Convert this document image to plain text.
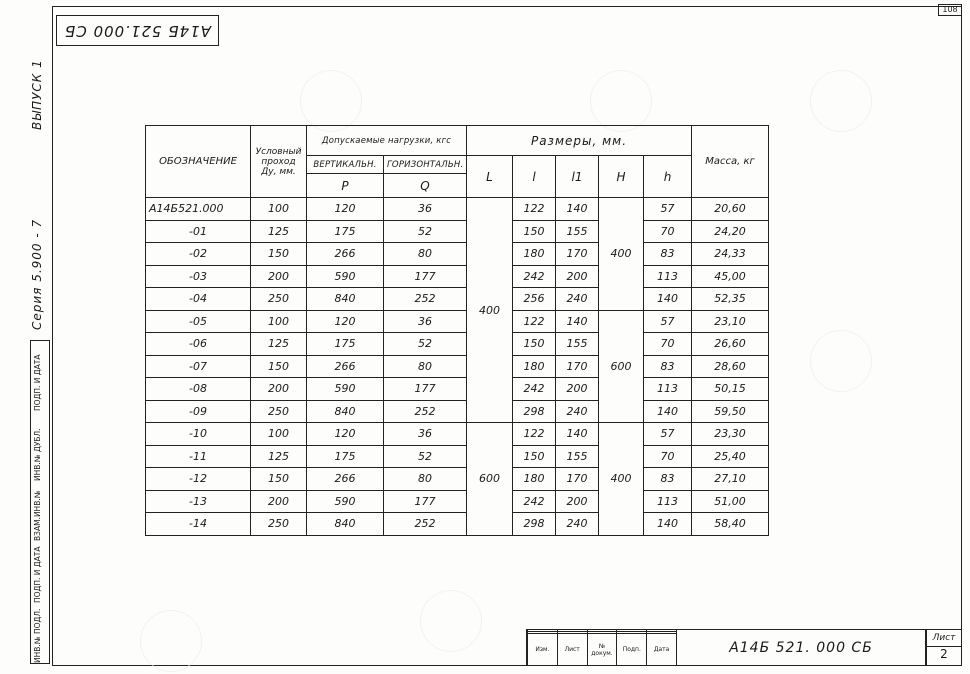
108
А14Б 521.000 СБ
ВЫПУСК 1
Серия 5.900 - 7
ИНВ.№ ПОДЛ.
ПОДП. И ДАТА
ВЗАМ.ИНВ.№
ИНВ.№ ДУБЛ.
ПОДП. И ДАТА
ОБОЗНАЧЕНИЕ	Условный проход Ду, мм.	Допускаемые нагрузки, кгс		Размеры, мм.					Масса, кг
		ВЕРТИКАЛЬН.	ГОРИЗОНТАЛЬН.	L	l	l1	H	h	
		P	Q						
А14Б521.000	100	120	36	400	122	140	400	57	20,60
-01	125	175	52		150	155		70	24,20
-02	150	266	80		180	170		83	24,33
-03	200	590	177		242	200		113	45,00
-04	250	840	252		256	240		140	52,35
-05	100	120	36		122	140	600	57	23,10
-06	125	175	52		150	155		70	26,60
-07	150	266	80		180	170		83	28,60
-08	200	590	177		242	200		113	50,15
-09	250	840	252		298	240		140	59,50
-10	100	120	36	600	122	140	400	57	23,30
-11	125	175	52		150	155		70	25,40
-12	150	266	80		180	170		83	27,10
-13	200	590	177		242	200		113	51,00
-14	250	840	252		298	240		140	58,40

Изм.	Лист	№ докум.	Подп.	Дата	А14Б 521. 000 СБ
Лист
2
